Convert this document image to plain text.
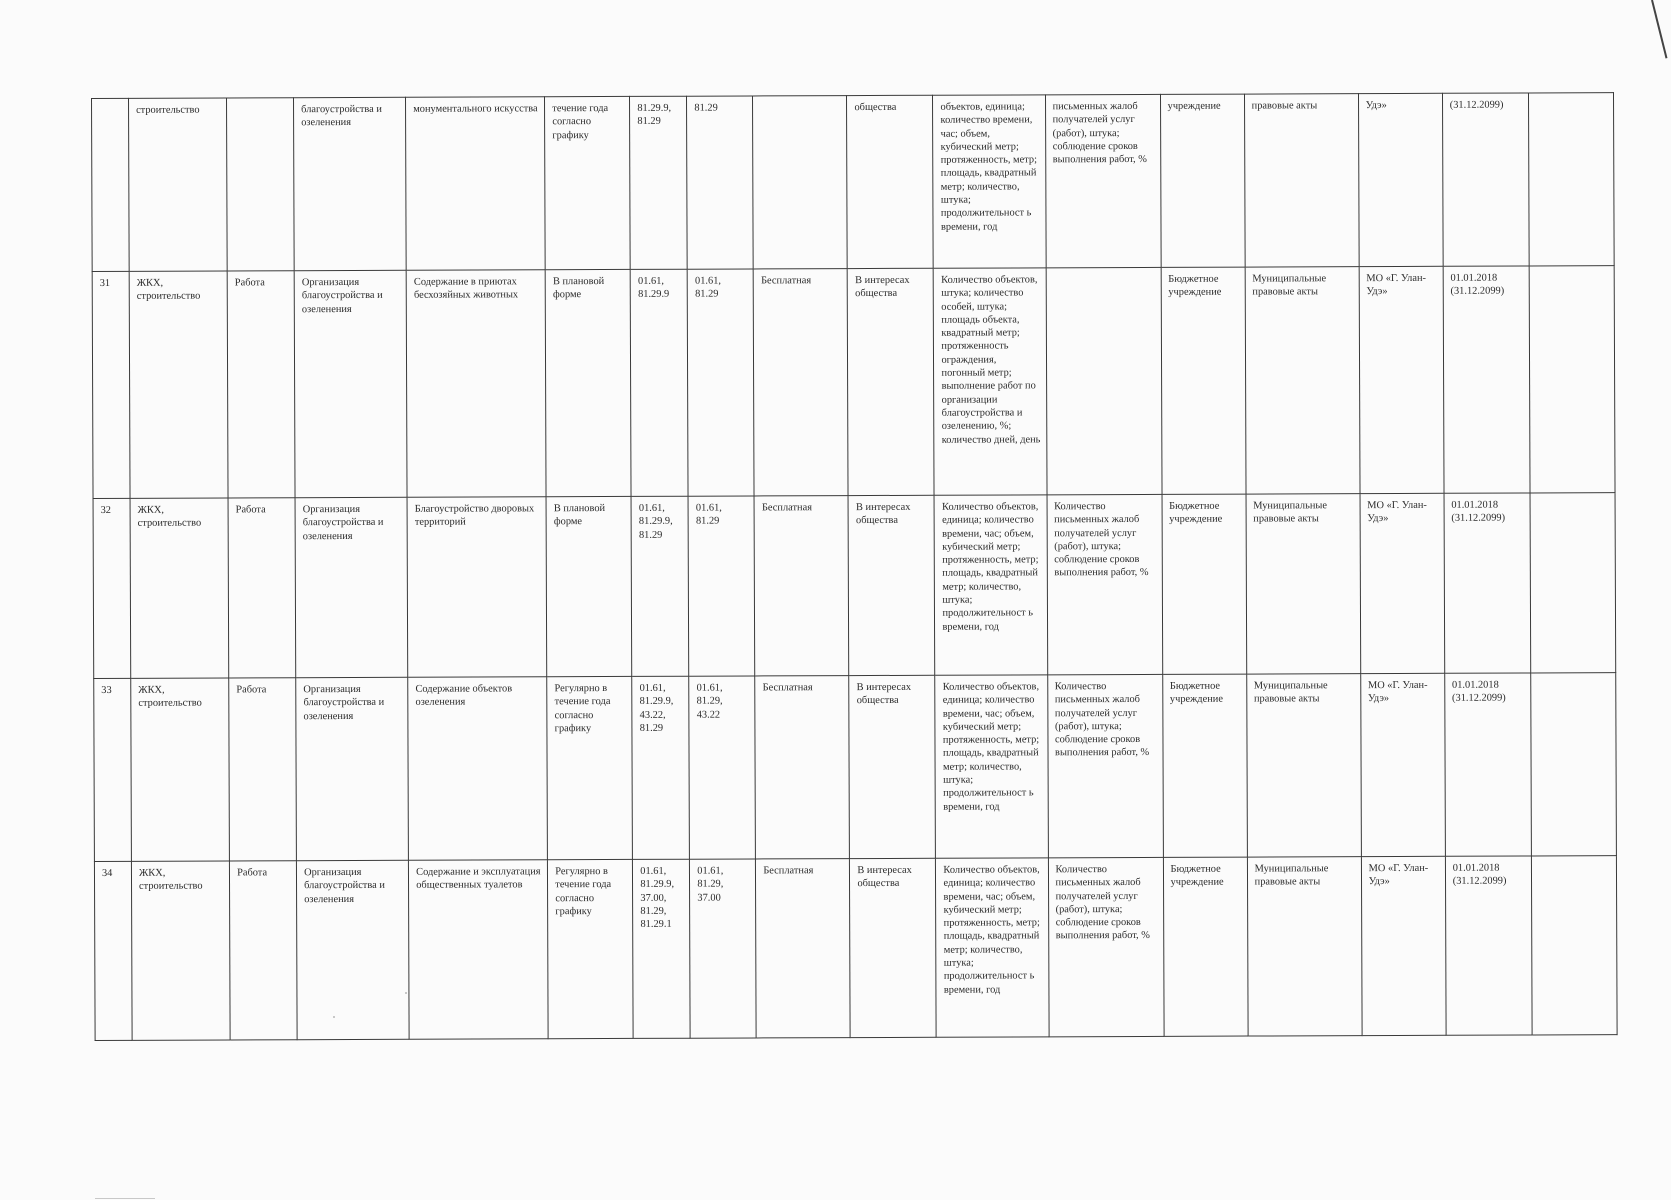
	строительство		благоустройства и озеленения	монументального искусства	течение года согласно графику	81.29.9,
81.29	81.29		общества	объектов, единица; количество времени, час; объем, кубический метр; протяженность, метр; площадь, квадратный метр; количество, штука; продолжительност ь времени, год	письменных жалоб получателей услуг (работ), штука; соблюдение сроков выполнения работ, %	учреждение	правовые акты	Удэ»	(31.12.2099)	

31	ЖКХ, строительство	Работа	Организация благоустройства и озеленения	Содержание в приютах бесхозяйных животных	В плановой форме	01.61,
81.29.9	01.61,
81.29	Бесплатная	В интересах общества	Количество объектов, штука; количество особей, штука; площадь объекта, квадратный метр; протяженность ограждения, погонный метр; выполнение работ по организации благоустройства и озеленению, %; количество дней, день		Бюджетное учреждение	Муниципальные правовые акты	МО «Г. Улан-Удэ»	01.01.2018
(31.12.2099)	

32	ЖКХ, строительство	Работа	Организация благоустройства и озеленения	Благоустройство дворовых территорий	В плановой форме	01.61,
81.29.9,
81.29	01.61,
81.29	Бесплатная	В интересах общества	Количество объектов, единица; количество времени, час; объем, кубический метр; протяженность, метр; площадь, квадратный метр; количество, штука; продолжительност ь времени, год	Количество письменных жалоб получателей услуг (работ), штука; соблюдение сроков выполнения работ, %	Бюджетное учреждение	Муниципальные правовые акты	МО «Г. Улан-Удэ»	01.01.2018
(31.12.2099)	

33	ЖКХ, строительство	Работа	Организация благоустройства и озеленения	Содержание объектов озеленения	Регулярно в течение года согласно графику	01.61,
81.29.9,
43.22,
81.29	01.61,
81.29,
43.22	Бесплатная	В интересах общества	Количество объектов, единица; количество времени, час; объем, кубический метр; протяженность, метр; площадь, квадратный метр; количество, штука; продолжительност ь времени, год	Количество письменных жалоб получателей услуг (работ), штука; соблюдение сроков выполнения работ, %	Бюджетное учреждение	Муниципальные правовые акты	МО «Г. Улан-Удэ»	01.01.2018
(31.12.2099)	

34	ЖКХ, строительство	Работа	Организация благоустройства и озеленения	Содержание и эксплуатация общественных туалетов	Регулярно в течение года согласно графику	01.61,
81.29.9,
37.00,
81.29,
81.29.1	01.61,
81.29,
37.00	Бесплатная	В интересах общества	Количество объектов, единица; количество времени, час; объем, кубический метр; протяженность, метр; площадь, квадратный метр; количество, штука; продолжительност ь времени, год	Количество письменных жалоб получателей услуг (работ), штука; соблюдение сроков выполнения работ, %	Бюджетное учреждение	Муниципальные правовые акты	МО «Г. Улан-Удэ»	01.01.2018
(31.12.2099)	
